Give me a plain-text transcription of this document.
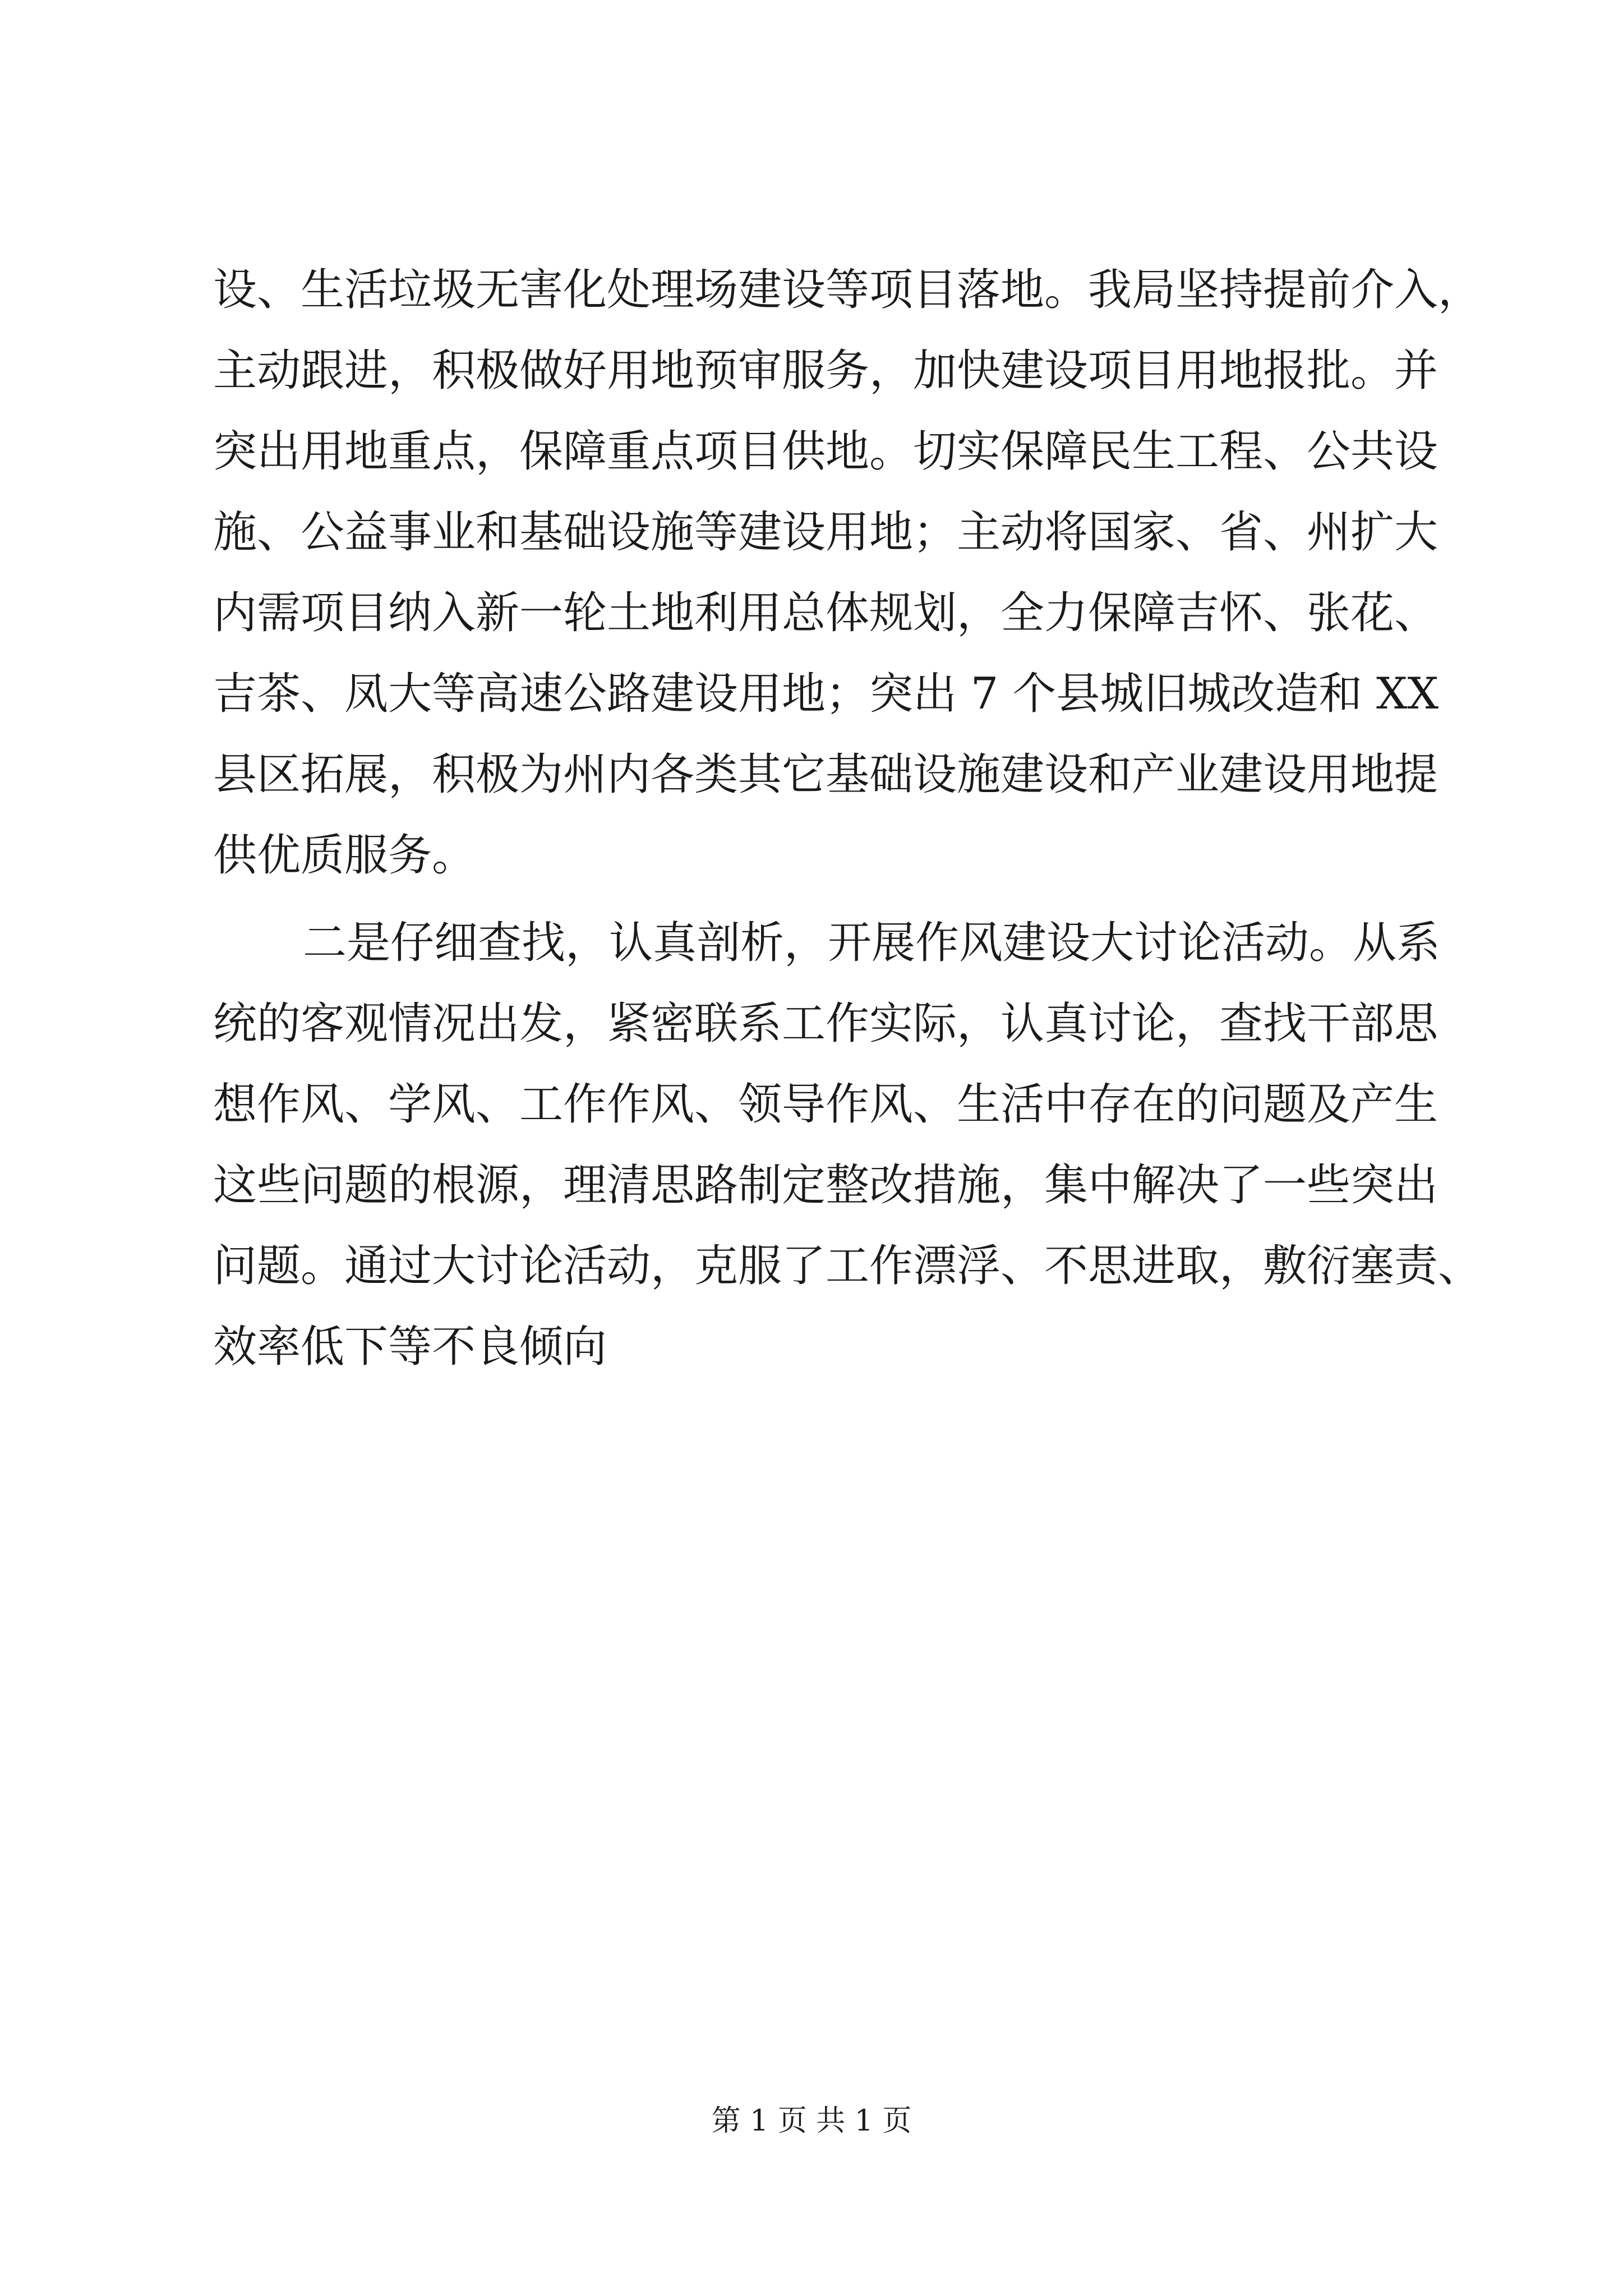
设、生活垃圾无害化处理场建设等项目落地。我局坚持提前介入，
主动跟进，积极做好用地预审服务，加快建设项目用地报批。并
突出用地重点，保障重点项目供地。切实保障民生工程、公共设
施、公益事业和基础设施等建设用地；主动将国家、省、州扩大
内需项目纳入新一轮土地利用总体规划，全力保障吉怀、张花、
吉茶、凤大等高速公路建设用地；突出 7 个县城旧城改造和 XX
县区拓展，积极为州内各类其它基础设施建设和产业建设用地提
供优质服务。
二是仔细查找，认真剖析，开展作风建设大讨论活动。从系
统的客观情况出发，紧密联系工作实际，认真讨论，查找干部思
想作风、学风、工作作风、领导作风、生活中存在的问题及产生
这些问题的根源，理清思路制定整改措施，集中解决了一些突出
问题。通过大讨论活动，克服了工作漂浮、不思进取，敷衍塞责、
效率低下等不良倾向
第 1 页 共 1 页
